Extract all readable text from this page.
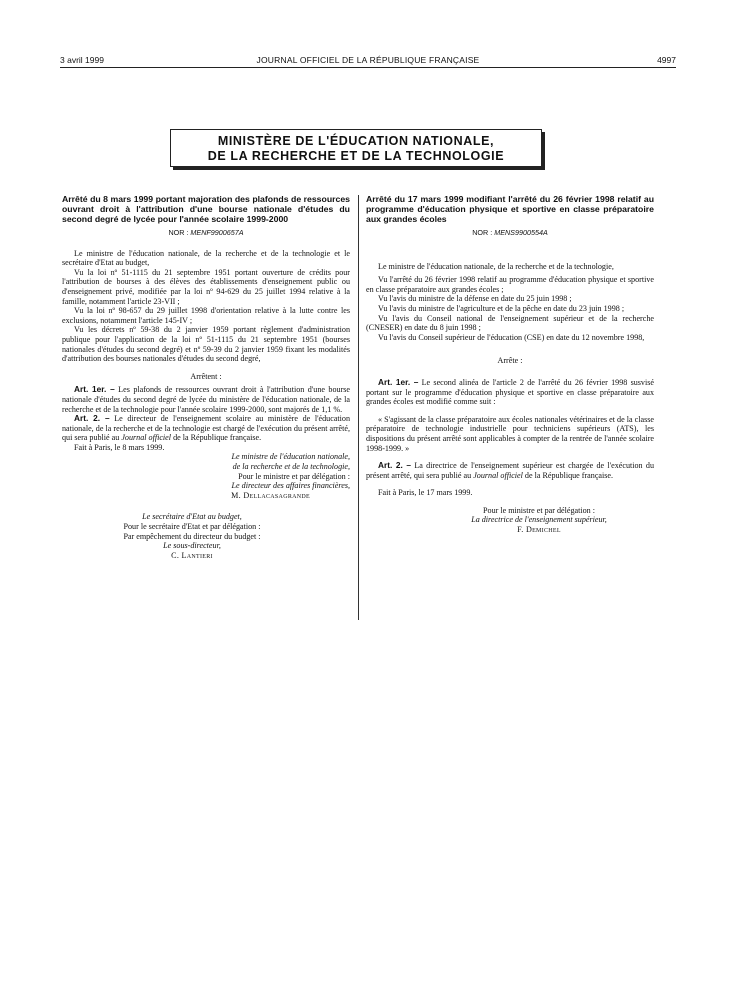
3 avril 1999	JOURNAL OFFICIEL DE LA RÉPUBLIQUE FRANÇAISE	4997
MINISTÈRE DE L'ÉDUCATION NATIONALE,
DE LA RECHERCHE ET DE LA TECHNOLOGIE

Arrêté du 8 mars 1999 portant majoration des plafonds de ressources ouvrant droit à l'attribution d'une bourse nationale d'études du second degré de lycée pour l'année scolaire 1999-2000

NOR : MENF9900657A

Le ministre de l'éducation nationale, de la recherche et de la technologie et le secrétaire d'Etat au budget,

Vu la loi nº 51-1115 du 21 septembre 1951 portant ouverture de crédits pour l'attribution de bourses à des élèves des établissements d'enseignement public ou d'enseignement privé, modifiée par la loi nº 94-629 du 25 juillet 1994 relative à la famille, notamment l'article 23-VII ;

Vu la loi nº 98-657 du 29 juillet 1998 d'orientation relative à la lutte contre les exclusions, notamment l'article 145-IV ;

Vu les décrets nº 59-38 du 2 janvier 1959 portant règlement d'administration publique pour l'application de la loi nº 51-1115 du 21 septembre 1951 (bourses nationales d'études du second degré) et nº 59-39 du 2 janvier 1959 fixant les modalités d'attribution des bourses nationales d'études du second degré,

Arrêtent :

Art. 1er. – Les plafonds de ressources ouvrant droit à l'attribution d'une bourse nationale d'études du second degré de lycée du ministère de l'éducation nationale, de la recherche et de la technologie pour l'année scolaire 1999-2000, sont majorés de 1,1 %.

Art. 2. – Le directeur de l'enseignement scolaire au ministère de l'éducation nationale, de la recherche et de la technologie est chargé de l'exécution du présent arrêté, qui sera publié au Journal officiel de la République française.

Fait à Paris, le 8 mars 1999.

Le ministre de l'éducation nationale,
de la recherche et de la technologie,
Pour le ministre et par délégation :
Le directeur des affaires financières,
M. Dellacasagrande
Le secrétaire d'Etat au budget,
Pour le secrétaire d'Etat et par délégation :
Par empêchement du directeur du budget :
Le sous-directeur,
C. Lantieri

Arrêté du 17 mars 1999 modifiant l'arrêté du 26 février 1998 relatif au programme d'éducation physique et sportive en classe préparatoire aux grandes écoles

NOR : MENS9900554A

Le ministre de l'éducation nationale, de la recherche et de la technologie,

Vu l'arrêté du 26 février 1998 relatif au programme d'éducation physique et sportive en classe préparatoire aux grandes écoles ;

Vu l'avis du ministre de la défense en date du 25 juin 1998 ;

Vu l'avis du ministre de l'agriculture et de la pêche en date du 23 juin 1998 ;

Vu l'avis du Conseil national de l'enseignement supérieur et de la recherche (CNESER) en date du 8 juin 1998 ;

Vu l'avis du Conseil supérieur de l'éducation (CSE) en date du 12 novembre 1998,

Arrête :

Art. 1er. – Le second alinéa de l'article 2 de l'arrêté du 26 février 1998 susvisé portant sur le programme d'éducation physique et sportive en classe préparatoire aux grandes écoles est modifié comme suit :

« S'agissant de la classe préparatoire aux écoles nationales vétérinaires et de la classe préparatoire de technologie industrielle pour techniciens supérieurs (ATS), les dispositions du présent arrêté sont applicables à compter de la rentrée de l'année scolaire 1998-1999. »

Art. 2. – La directrice de l'enseignement supérieur est chargée de l'exécution du présent arrêté, qui sera publié au Journal officiel de la République française.

Fait à Paris, le 17 mars 1999.

Pour le ministre et par délégation :
La directrice de l'enseignement supérieur,
F. Demichel
